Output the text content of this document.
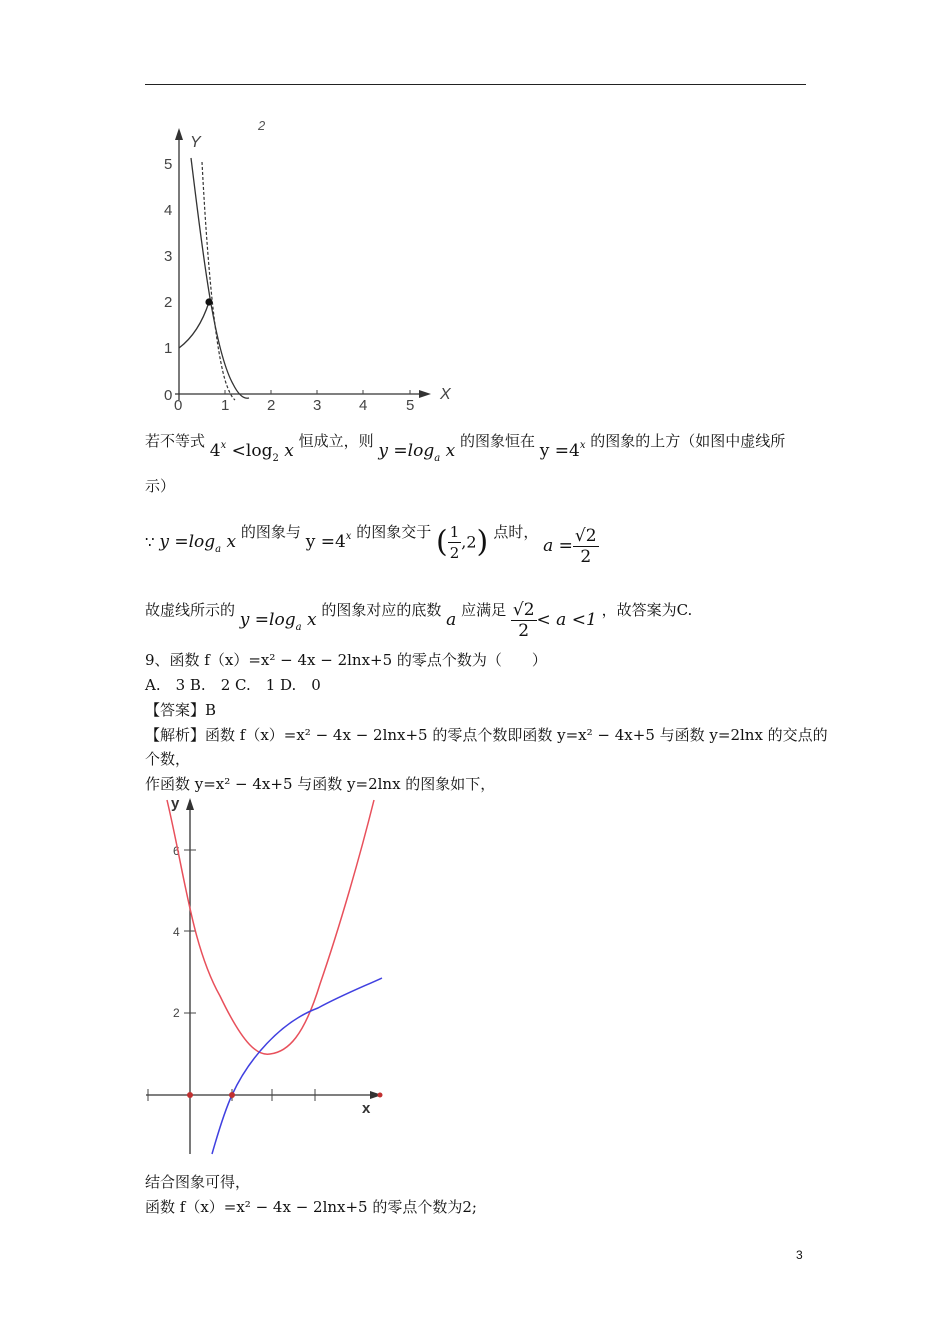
2
Y
X
5
4
3
2
1
0
0	1	2	3	4	5
若不等式 $4^x <\log_2$ x 恒成立，则 $y =\log_a$ x 的图象恒在 $y =4^x$ 的图象的上方（如图中虚线所
示）
∵ $y =\log_a$ x 的图象与 $y =4^x$ 的图象交于 ( $\frac{1}{2} ,2$) 点时， $a = \frac{√2}{2}$
故虚线所示的 $y =\log_a$ x 的图象对应的底数 a 应满足 $\frac{√2}{2} < a <1$ ，故答案为C.
9、函数 f（x）=x² − 4x − 2lnx+5 的零点个数为（　　）
A.　3 B.　2 C.　1 D.　0
【答案】B
【解析】函数 f（x）=x² − 4x − 2lnx+5 的零点个数即函数 y=x² − 4x+5 与函数 y=2lnx 的交点的
个数，
作函数 y=x² − 4x+5 与函数 y=2lnx 的图象如下，
y
x
6
4
2
结合图象可得，
函数 f（x）=x² − 4x − 2lnx+5 的零点个数为2;
3
